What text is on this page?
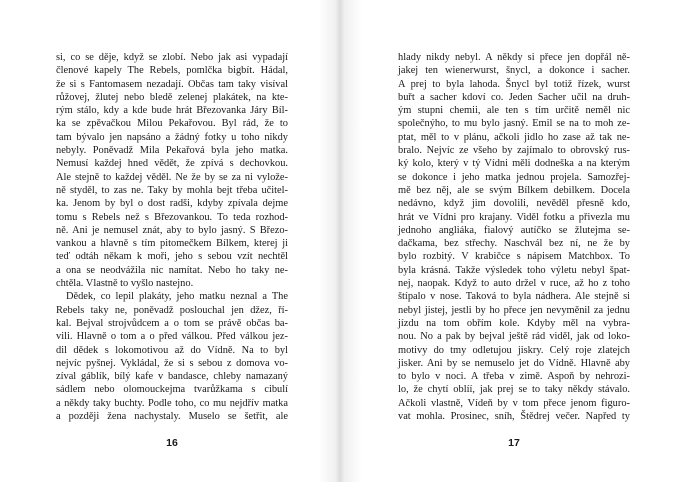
si, co se děje, když se zlobí. Nebo jak asi vypadají
členové kapely The Rebels, pomlčka bigbít. Hádal,
že si s Fantomasem nezadají. Občas tam taky visíval
růžovej, žlutej nebo bledě zelenej plakátek, na kte-
rým stálo, kdy a kde bude hrát Březovanka Járy Bíl-
ka se zpěvačkou Milou Pekařovou. Byl rád, že to
tam bývalo jen napsáno a žádný fotky u toho nikdy
nebyly. Poněvadž Mila Pekařová byla jeho matka.
Nemusí každej hned vědět, že zpívá s dechovkou.
Ale stejně to každej věděl. Ne že by se za ni vylože-
ně styděl, to zas ne. Taky by mohla bejt třeba učitel-
ka. Jenom by byl o dost radši, kdyby zpívala dejme
tomu s Rebels než s Březovankou. To teda rozhod-
ně. Ani je nemusel znát, aby to bylo jasný. S Březo-
vankou a hlavně s tím pitomečkem Bílkem, kterej ji
teď odtáh někam k moři, jeho s sebou vzít nechtěl
a ona se neodvážila nic namítat. Nebo ho taky ne-
chtěla. Vlastně to vyšlo nastejno.
Dědek, co lepil plakáty, jeho matku neznal a The
Rebels taky ne, poněvadž poslouchal jen džez, ří-
kal. Bejval strojvůdcem a o tom se právě občas ba-
vili. Hlavně o tom a o před válkou. Před válkou jez-
dil dědek s lokomotivou až do Vídně. Na to byl
nejvíc pyšnej. Vykládal, že si s sebou z domova vo-
zíval gáblík, bílý kafe v bandasce, chleby namazaný
sádlem nebo olomouckejma tvarůžkama s cibulí
a někdy taky buchty. Podle toho, co mu nejdřív matka
a později žena nachystaly. Muselo se šetřit, ale
16
hlady nikdy nebyl. A někdy si přece jen dopřál ně-
jakej ten wienerwurst, šnycl, a dokonce i sacher.
A prej to byla lahoda. Šnycl byl totiž řízek, wurst
buřt a sacher kdoví co. Jeden Sacher učil na druh-
ým stupni chemii, ale ten s tím určitě neměl nic
společnýho, to mu bylo jasný. Emil se na to moh ze-
ptat, měl to v plánu, ačkoli jidlo ho zase až tak ne-
bralo. Nejvíc ze všeho by zajímalo to obrovský rus-
ký kolo, který v tý Vídni měli dodneška a na kterým
se dokonce i jeho matka jednou projela. Samozřej-
mě bez něj, ale se svým Bílkem debilkem. Docela
nedávno, když jim dovolili, nevěděl přesně kdo,
hrát ve Vídni pro krajany. Viděl fotku a přivezla mu
jednoho angliáka, fialový autíčko se žlutejma se-
dačkama, bez střechy. Naschvál bez ní, ne že by
bylo rozbitý. V krabičce s nápisem Matchbox. To
byla krásná. Takže výsledek toho výletu nebyl špat-
nej, naopak. Když to auto držel v ruce, až ho z toho
štípalo v nose. Taková to byla nádhera. Ale stejně si
nebyl jistej, jestli by ho přece jen nevyměnil za jednu
jízdu na tom obřím kole. Kdyby měl na vybra-
nou. No a pak by bejval ještě rád viděl, jak od loko-
motivy do tmy odletujou jiskry. Celý roje zlatejch
jisker. Ani by se nemuselo jet do Vídně. Hlavně aby
to bylo v noci. A třeba v zimě. Aspoň by nehrozi-
lo, že chytí oblíí, jak prej se to taky někdy stávalo.
Ačkoli vlastně, Vídeň by v tom přece jenom figuro-
vat mohla. Prosinec, sníh, Štědrej večer. Napřed ty
17
